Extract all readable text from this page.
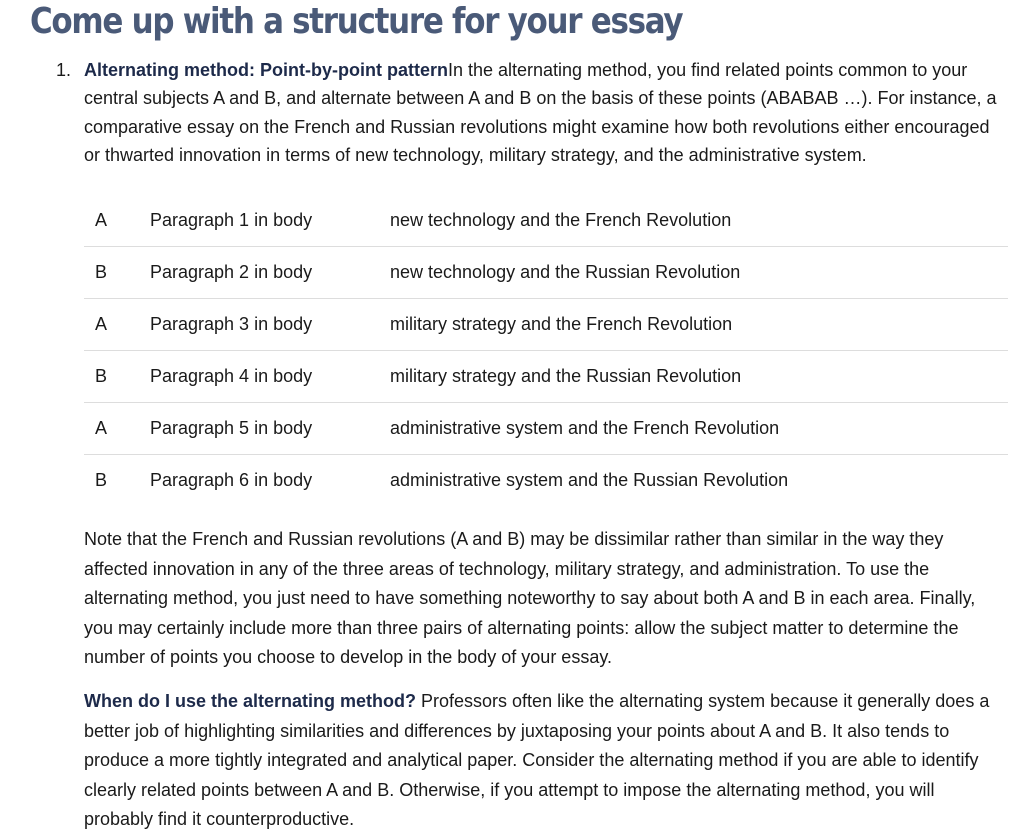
Come up with a structure for your essay
1. Alternating method: Point-by-point patternIn the alternating method, you find related points common to your central subjects A and B, and alternate between A and B on the basis of these points (ABABAB …). For instance, a comparative essay on the French and Russian revolutions might examine how both revolutions either encouraged or thwarted innovation in terms of new technology, military strategy, and the administrative system.
A	Paragraph 1 in body	new technology and the French Revolution
B	Paragraph 2 in body	new technology and the Russian Revolution
A	Paragraph 3 in body	military strategy and the French Revolution
B	Paragraph 4 in body	military strategy and the Russian Revolution
A	Paragraph 5 in body	administrative system and the French Revolution
B	Paragraph 6 in body	administrative system and the Russian Revolution

Note that the French and Russian revolutions (A and B) may be dissimilar rather than similar in the way they affected innovation in any of the three areas of technology, military strategy, and administration. To use the alternating method, you just need to have something noteworthy to say about both A and B in each area. Finally, you may certainly include more than three pairs of alternating points: allow the subject matter to determine the number of points you choose to develop in the body of your essay.

When do I use the alternating method? Professors often like the alternating system because it generally does a better job of highlighting similarities and differences by juxtaposing your points about A and B. It also tends to produce a more tightly integrated and analytical paper. Consider the alternating method if you are able to identify clearly related points between A and B. Otherwise, if you attempt to impose the alternating method, you will probably find it counterproductive.
